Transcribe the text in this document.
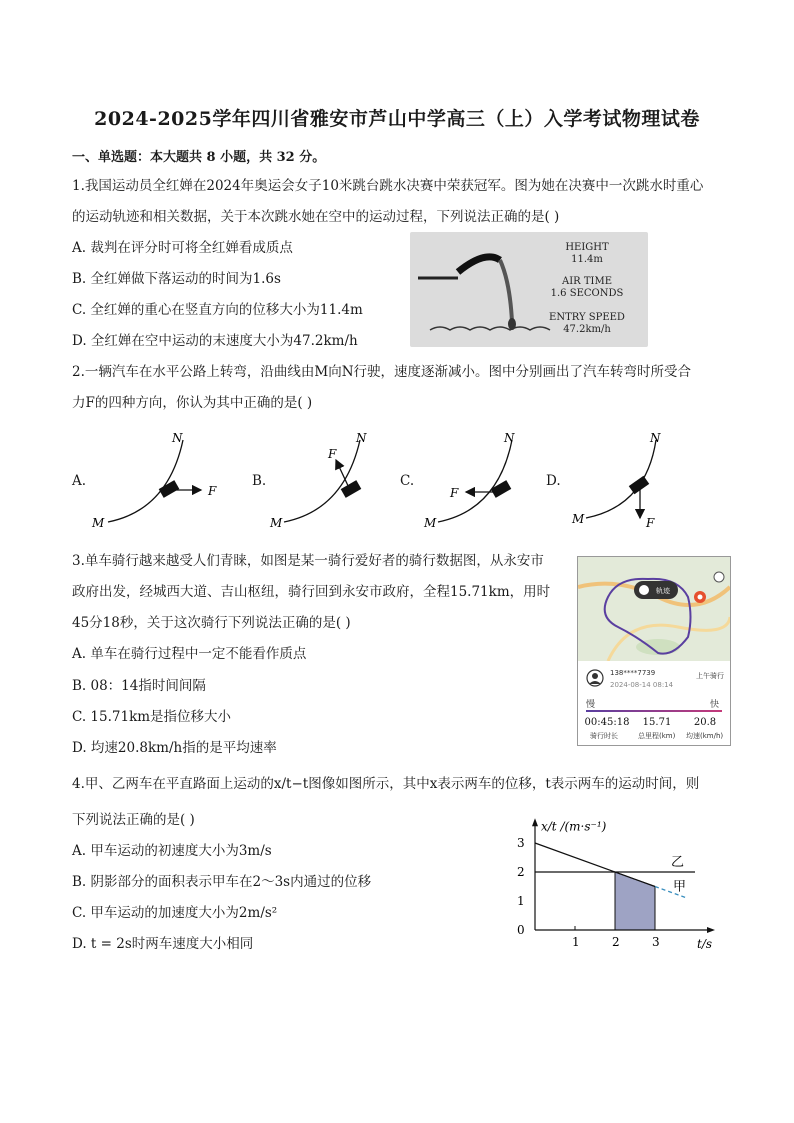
2024-2025学年四川省雅安市芦山中学高三（上）入学考试物理试卷
一、单选题：本大题共 8 小题，共 32 分。
1.我国运动员全红婵在2024年奥运会女子10米跳台跳水决赛中荣获冠军。图为她在决赛中一次跳水时重心
的运动轨迹和相关数据，关于本次跳水她在空中的运动过程，下列说法正确的是( )
A. 裁判在评分时可将全红婵看成质点
B. 全红婵做下落运动的时间为1.6s
C. 全红婵的重心在竖直方向的位移大小为11.4m
D. 全红婵在空中运动的末速度大小为47.2km/h
HEIGHT
11.4m
AIR TIME
1.6 SECONDS
ENTRY SPEED
47.2km/h
2.一辆汽车在水平公路上转弯，沿曲线由M向N行驶，速度逐渐减小。图中分别画出了汽车转弯时所受合
力F的四种方向，你认为其中正确的是( )
A.	B.	C.	D.
M
N
F
M
N
F
M
N
F
M
N
F
3.单车骑行越来越受人们青睐，如图是某一骑行爱好者的骑行数据图，从永安市
政府出发，经城西大道、吉山枢纽，骑行回到永安市政府，全程15.71km，用时
45分18秒，关于这次骑行下列说法正确的是( )
A. 单车在骑行过程中一定不能看作质点
B. 08：14指时间间隔
C. 15.71km是指位移大小
D. 均速20.8km/h指的是平均速率
轨迹
138****7739
2024-08-14 08:14
上午骑行
慢	快
00:45:18	15.71	20.8
骑行时长	总里程(km) 均速(km/h)
4.甲、乙两车在平直路面上运动的x/t−t图像如图所示，其中x表示两车的位移，t表示两车的运动时间，则
下列说法正确的是( )
A. 甲车运动的初速度大小为3m/s
B. 阴影部分的面积表示甲车在2～3s内通过的位移
C. 甲车运动的加速度大小为2m/s²
D. t = 2s时两车速度大小相同	1	2	3
0
1
2
3
乙
甲
t/s
x/t /(m·s⁻¹)
